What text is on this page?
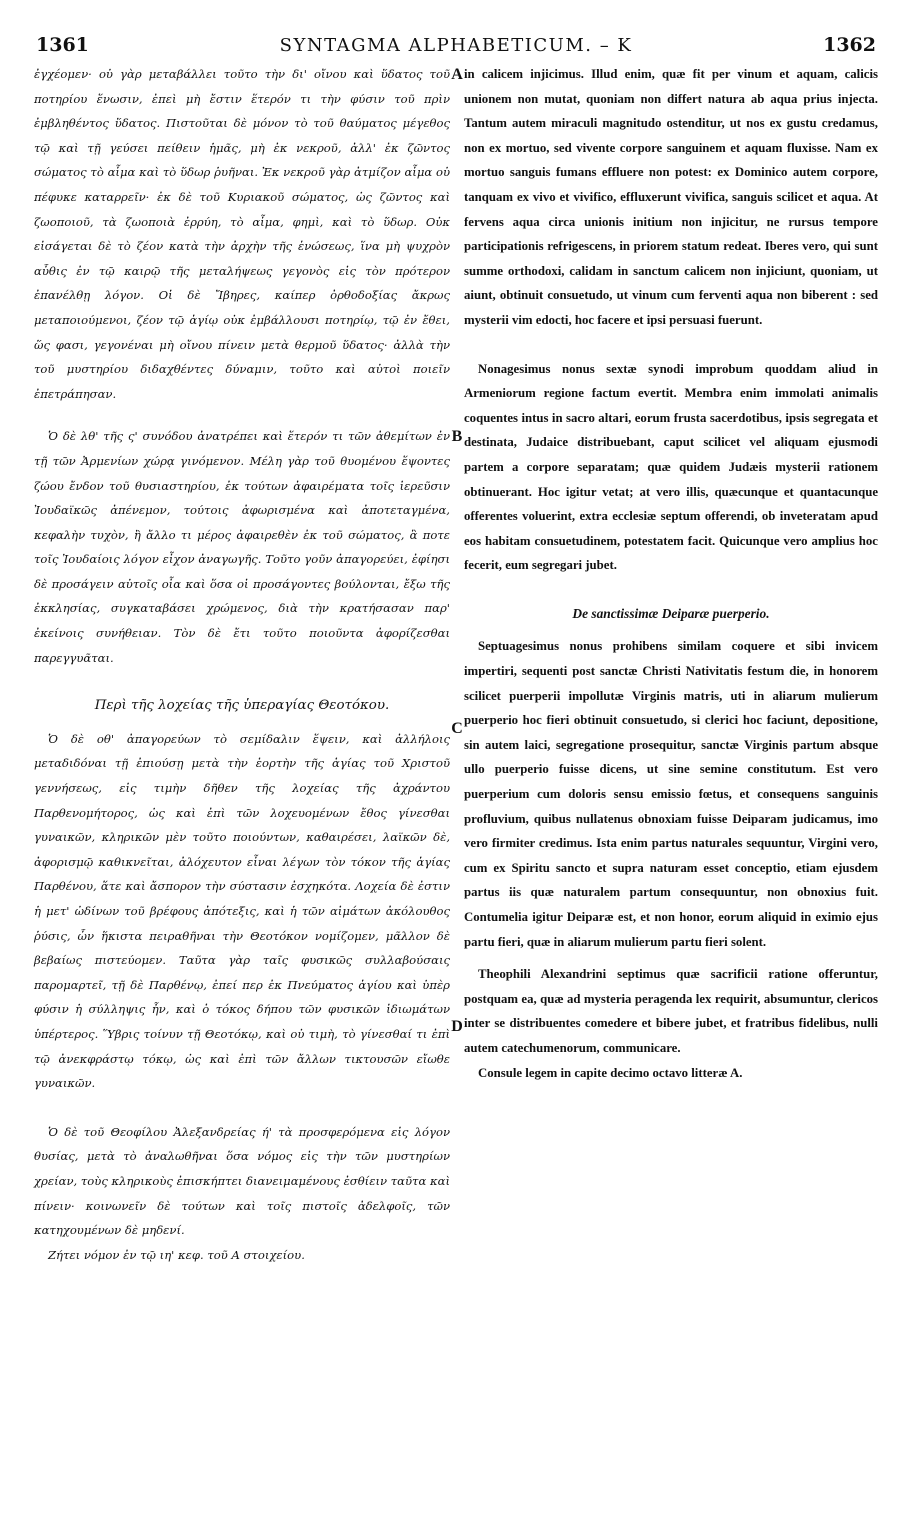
1361	SYNTAGMA ALPHABETICUM. – K	1362

ἐγχέομεν· οὐ γὰρ μεταβάλλει τοῦτο τὴν δι' οἴνου καὶ ὕδατος τοῦ ποτηρίου ἕνωσιν, ἐπεὶ μὴ ἔστιν ἕτερόν τι τὴν φύσιν τοῦ πρὶν ἐμβληθέντος ὕδατος. Πιστοῦται δὲ μόνον τὸ τοῦ θαύματος μέγεθος τῷ καὶ τῇ γεύσει πείθειν ἡμᾶς, μὴ ἐκ νεκροῦ, ἀλλ' ἐκ ζῶντος σώματος τὸ αἷμα καὶ τὸ ὕδωρ ῥυῆναι. Ἐκ νεκροῦ γὰρ ἀτμίζον αἷμα οὐ πέφυκε καταρρεῖν· ἐκ δὲ τοῦ Κυριακοῦ σώματος, ὡς ζῶντος καὶ ζωοποιοῦ, τὰ ζωοποιὰ ἐρρύη, τὸ αἷμα, φημὶ, καὶ τὸ ὕδωρ. Οὐκ εἰσάγεται δὲ τὸ ζέον κατὰ τὴν ἀρχὴν τῆς ἑνώσεως, ἵνα μὴ ψυχρὸν αὖθις ἐν τῷ καιρῷ τῆς μεταλήψεως γεγονὸς εἰς τὸν πρότερον ἐπανέλθῃ λόγον. Οἱ δὲ Ἴβηρες, καίπερ ὀρθοδοξίας ἄκρως μεταποιούμενοι, ζέον τῷ ἁγίῳ οὐκ ἐμβάλλουσι ποτηρίῳ, τῷ ἐν ἔθει, ὥς φασι, γεγονέναι μὴ οἴνου πίνειν μετὰ θερμοῦ ὕδατος· ἀλλὰ τὴν τοῦ μυστηρίου διδαχθέντες δύναμιν, τοῦτο καὶ αὐτοὶ ποιεῖν ἐπετράπησαν.

Ὁ δὲ λθ' τῆς ς' συνόδου ἀνατρέπει καὶ ἕτερόν τι τῶν ἀθεμίτων ἐν τῇ τῶν Ἀρμενίων χώρᾳ γινόμενον. Μέλη γὰρ τοῦ θυομένου ἕψοντες ζώου ἔνδον τοῦ θυσιαστηρίου, ἐκ τούτων ἀφαιρέματα τοῖς ἱερεῦσιν Ἰουδαϊκῶς ἀπένεμον, τούτοις ἀφωρισμένα καὶ ἀποτεταγμένα, κεφαλὴν τυχὸν, ἢ ἄλλο τι μέρος ἀφαιρεθὲν ἐκ τοῦ σώματος, ἃ ποτε τοῖς Ἰουδαίοις λόγον εἶχον ἀναγωγῆς. Τοῦτο γοῦν ἀπαγορεύει, ἐφίησι δὲ προσάγειν αὐτοῖς οἷα καὶ ὅσα οἱ προσάγοντες βούλονται, ἔξω τῆς ἐκκλησίας, συγκαταβάσει χρώμενος, διὰ τὴν κρατήσασαν παρ' ἐκείνοις συνήθειαν. Τὸν δὲ ἔτι τοῦτο ποιοῦντα ἀφορίζεσθαι παρεγγυᾶται.

Περὶ τῆς λοχείας τῆς ὑπεραγίας Θεοτόκου.

Ὁ δὲ οθ' ἀπαγορεύων τὸ σεμίδαλιν ἕψειν, καὶ ἀλλήλοις μεταδιδόναι τῇ ἐπιούσῃ μετὰ τὴν ἑορτὴν τῆς ἁγίας τοῦ Χριστοῦ γεννήσεως, εἰς τιμὴν δῆθεν τῆς λοχείας τῆς ἀχράντου Παρθενομήτορος, ὡς καὶ ἐπὶ τῶν λοχευομένων ἔθος γίνεσθαι γυναικῶν, κληρικῶν μὲν τοῦτο ποιούντων, καθαιρέσει, λαϊκῶν δὲ, ἀφορισμῷ καθικνεῖται, ἀλόχευτον εἶναι λέγων τὸν τόκον τῆς ἁγίας Παρθένου, ἅτε καὶ ἄσπορον τὴν σύστασιν ἐσχηκότα. Λοχεία δὲ ἐστιν ἡ μετ' ὠδίνων τοῦ βρέφους ἀπότεξις, καὶ ἡ τῶν αἱμάτων ἀκόλουθος ῥύσις, ὧν ἥκιστα πειραθῆναι τὴν Θεοτόκον νομίζομεν, μᾶλλον δὲ βεβαίως πιστεύομεν. Ταῦτα γὰρ ταῖς φυσικῶς συλλαβούσαις παρομαρτεῖ, τῇ δὲ Παρθένῳ, ἐπεί περ ἐκ Πνεύματος ἁγίου καὶ ὑπὲρ φύσιν ἡ σύλληψις ἦν, καὶ ὁ τόκος δήπου τῶν φυσικῶν ἰδιωμάτων ὑπέρτερος. Ὕβρις τοίνυν τῇ Θεοτόκῳ, καὶ οὐ τιμὴ, τὸ γίνεσθαί τι ἐπὶ τῷ ἀνεκφράστῳ τόκῳ, ὡς καὶ ἐπὶ τῶν ἄλλων τικτουσῶν εἴωθε γυναικῶν.

Ὁ δὲ τοῦ Θεοφίλου Ἀλεξανδρείας ή' τὰ προσφερόμενα εἰς λόγον θυσίας, μετὰ τὸ ἀναλωθῆναι ὅσα νόμος εἰς τὴν τῶν μυστηρίων χρείαν, τοὺς κληρικοὺς ἐπισκήπτει διανειμαμένους ἐσθίειν ταῦτα καὶ πίνειν· κοινωνεῖν δὲ τούτων καὶ τοῖς πιστοῖς ἀδελφοῖς, τῶν κατηχουμένων δὲ μηδενί.

Ζήτει νόμον ἐν τῷ ιη' κεφ. τοῦ Α στοιχείου.

A
B
C
D

in calicem injicimus. Illud enim, quæ fit per vinum et aquam, calicis unionem non mutat, quoniam non differt natura ab aqua prius injecta. Tantum autem miraculi magnitudo ostenditur, ut nos ex gustu credamus, non ex mortuo, sed vivente corpore sanguinem et aquam fluxisse. Nam ex mortuo sanguis fumans effluere non potest: ex Dominico autem corpore, tanquam ex vivo et vivifico, effluxerunt vivifica, sanguis scilicet et aqua. At fervens aqua circa unionis initium non injicitur, ne rursus tempore participationis refrigescens, in priorem statum redeat. Iberes vero, qui sunt summe orthodoxi, calidam in sanctum calicem non injiciunt, quoniam, ut aiunt, obtinuit consuetudo, ut vinum cum ferventi aqua non biberent : sed mysterii vim edocti, hoc facere et ipsi persuasi fuerunt.

Nonagesimus nonus sextæ synodi improbum quoddam aliud in Armeniorum regione factum evertit. Membra enim immolati animalis coquentes intus in sacro altari, eorum frusta sacerdotibus, ipsis segregata et destinata, Judaice distribuebant, caput scilicet vel aliquam ejusmodi partem a corpore separatam; quæ quidem Judæis mysterii rationem obtinuerant. Hoc igitur vetat; at vero illis, quæcunque et quantacunque offerentes voluerint, extra ecclesiæ septum offerendi, ob inveteratam apud eos habitam consuetudinem, potestatem facit. Quicunque vero amplius hoc fecerit, eum segregari jubet.

De sanctissimæ Deiparæ puerperio.

Septuagesimus nonus prohibens similam coquere et sibi invicem impertiri, sequenti post sanctæ Christi Nativitatis festum die, in honorem scilicet puerperii impollutæ Virginis matris, uti in aliarum mulierum puerperio hoc fieri obtinuit consuetudo, si clerici hoc faciunt, depositione, sin autem laici, segregatione prosequitur, sanctæ Virginis partum absque ullo puerperio fuisse dicens, ut sine semine constitutum. Est vero puerperium cum doloris sensu emissio fœtus, et consequens sanguinis profluvium, quibus nullatenus obnoxiam fuisse Deiparam judicamus, imo vero firmiter credimus. Ista enim partus naturales sequuntur, Virgini vero, cum ex Spiritu sancto et supra naturam esset conceptio, etiam ejusdem partus iis quæ naturalem partum consequuntur, non obnoxius fuit. Contumelia igitur Deiparæ est, et non honor, eorum aliquid in eximio ejus partu fieri, quæ in aliarum mulierum partu fieri solent.

Theophili Alexandrini septimus quæ sacrificii ratione offeruntur, postquam ea, quæ ad mysteria peragenda lex requirit, absumuntur, clericos inter se distribuentes comedere et bibere jubet, et fratribus fidelibus, nulli autem catechumenorum, communicare.

Consule legem in capite decimo octavo litteræ A.
